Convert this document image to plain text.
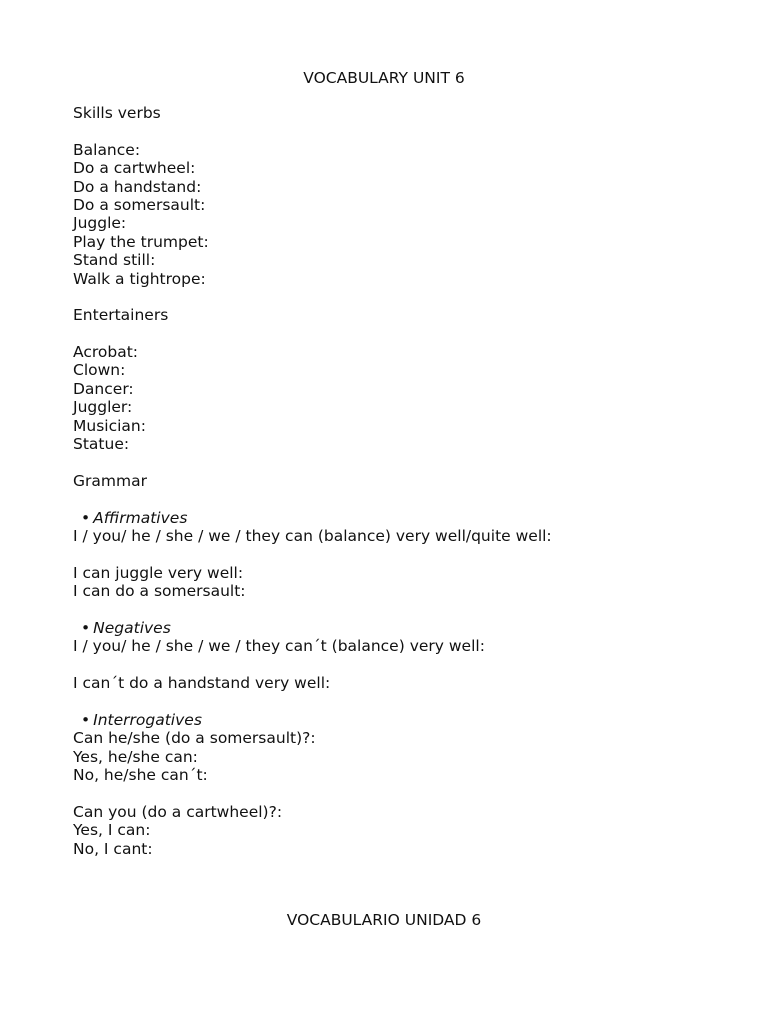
VOCABULARY UNIT 6
Skills verbs
Balance:
Do a cartwheel:
Do a handstand:
Do a somersault:
Juggle:
Play the trumpet:
Stand still:
Walk a tightrope:
Entertainers
Acrobat:
Clown:
Dancer:
Juggler:
Musician:
Statue:
Grammar
• Affirmatives
I / you/ he / she / we / they can (balance) very well/quite well:
I can juggle very well:
I can do a somersault:
• Negatives
I / you/ he / she / we / they can´t (balance) very well:
I can´t do a handstand very well:
• Interrogatives
Can he/she (do a somersault)?:
Yes, he/she can:
No, he/she can´t:
Can you (do a cartwheel)?:
Yes, I can:
No, I cant:
VOCABULARIO UNIDAD 6
